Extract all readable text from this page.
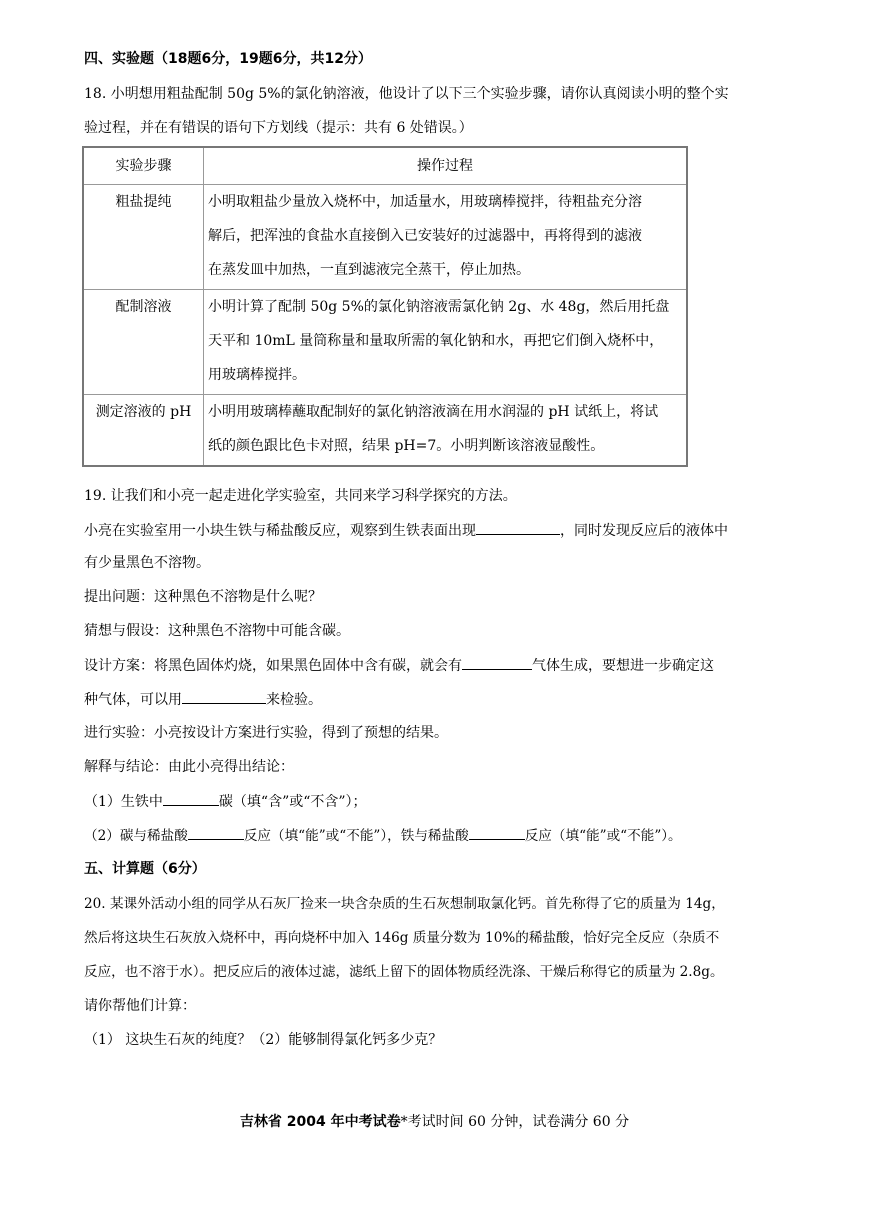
四、实验题（18题6分，19题6分，共12分）
18. 小明想用粗盐配制 50g 5%的氯化钠溶液，他设计了以下三个实验步骤，请你认真阅读小明的整个实
验过程，并在有错误的语句下方划线（提示：共有 6 处错误。）
实验步骤	操作过程
粗盐提纯	小明取粗盐少量放入烧杯中，加适量水，用玻璃棒搅拌，待粗盐充分溶
解后，把浑浊的食盐水直接倒入已安装好的过滤器中，再将得到的滤液
在蒸发皿中加热，一直到滤液完全蒸干，停止加热。

配制溶液	小明计算了配制 50g 5%的氯化钠溶液需氯化钠 2g、水 48g，然后用托盘
天平和 10mL 量筒称量和量取所需的氧化钠和水，再把它们倒入烧杯中，
用玻璃棒搅拌。

测定溶液的 pH	小明用玻璃棒蘸取配制好的氯化钠溶液滴在用水润湿的 pH 试纸上，将试
纸的颜色跟比色卡对照，结果 pH=7。小明判断该溶液显酸性。
19. 让我们和小亮一起走进化学实验室，共同来学习科学探究的方法。
小亮在实验室用一小块生铁与稀盐酸反应，观察到生铁表面出现	，同时发现反应后的液体中
有少量黑色不溶物。
提出问题：这种黑色不溶物是什么呢？
猜想与假设：这种黑色不溶物中可能含碳。
设计方案：将黑色固体灼烧，如果黑色固体中含有碳，就会有	气体生成，要想进一步确定这
种气体，可以用	来检验。
进行实验：小亮按设计方案进行实验，得到了预想的结果。
解释与结论：由此小亮得出结论：
（1）生铁中	碳（填“含”或“不含”）；
（2）碳与稀盐酸	反应（填“能”或“不能”），铁与稀盐酸	反应（填“能”或“不能”）。
五、计算题（6分）
20. 某课外活动小组的同学从石灰厂捡来一块含杂质的生石灰想制取氯化钙。首先称得了它的质量为 14g，
然后将这块生石灰放入烧杯中，再向烧杯中加入 146g 质量分数为 10%的稀盐酸，恰好完全反应（杂质不
反应，也不溶于水）。把反应后的液体过滤，滤纸上留下的固体物质经洗涤、干燥后称得它的质量为 2.8g。
请你帮他们计算：
（1） 这块生石灰的纯度？（2）能够制得氯化钙多少克？
吉林省 2004 年中考试卷*考试时间 60 分钟，试卷满分 60 分
